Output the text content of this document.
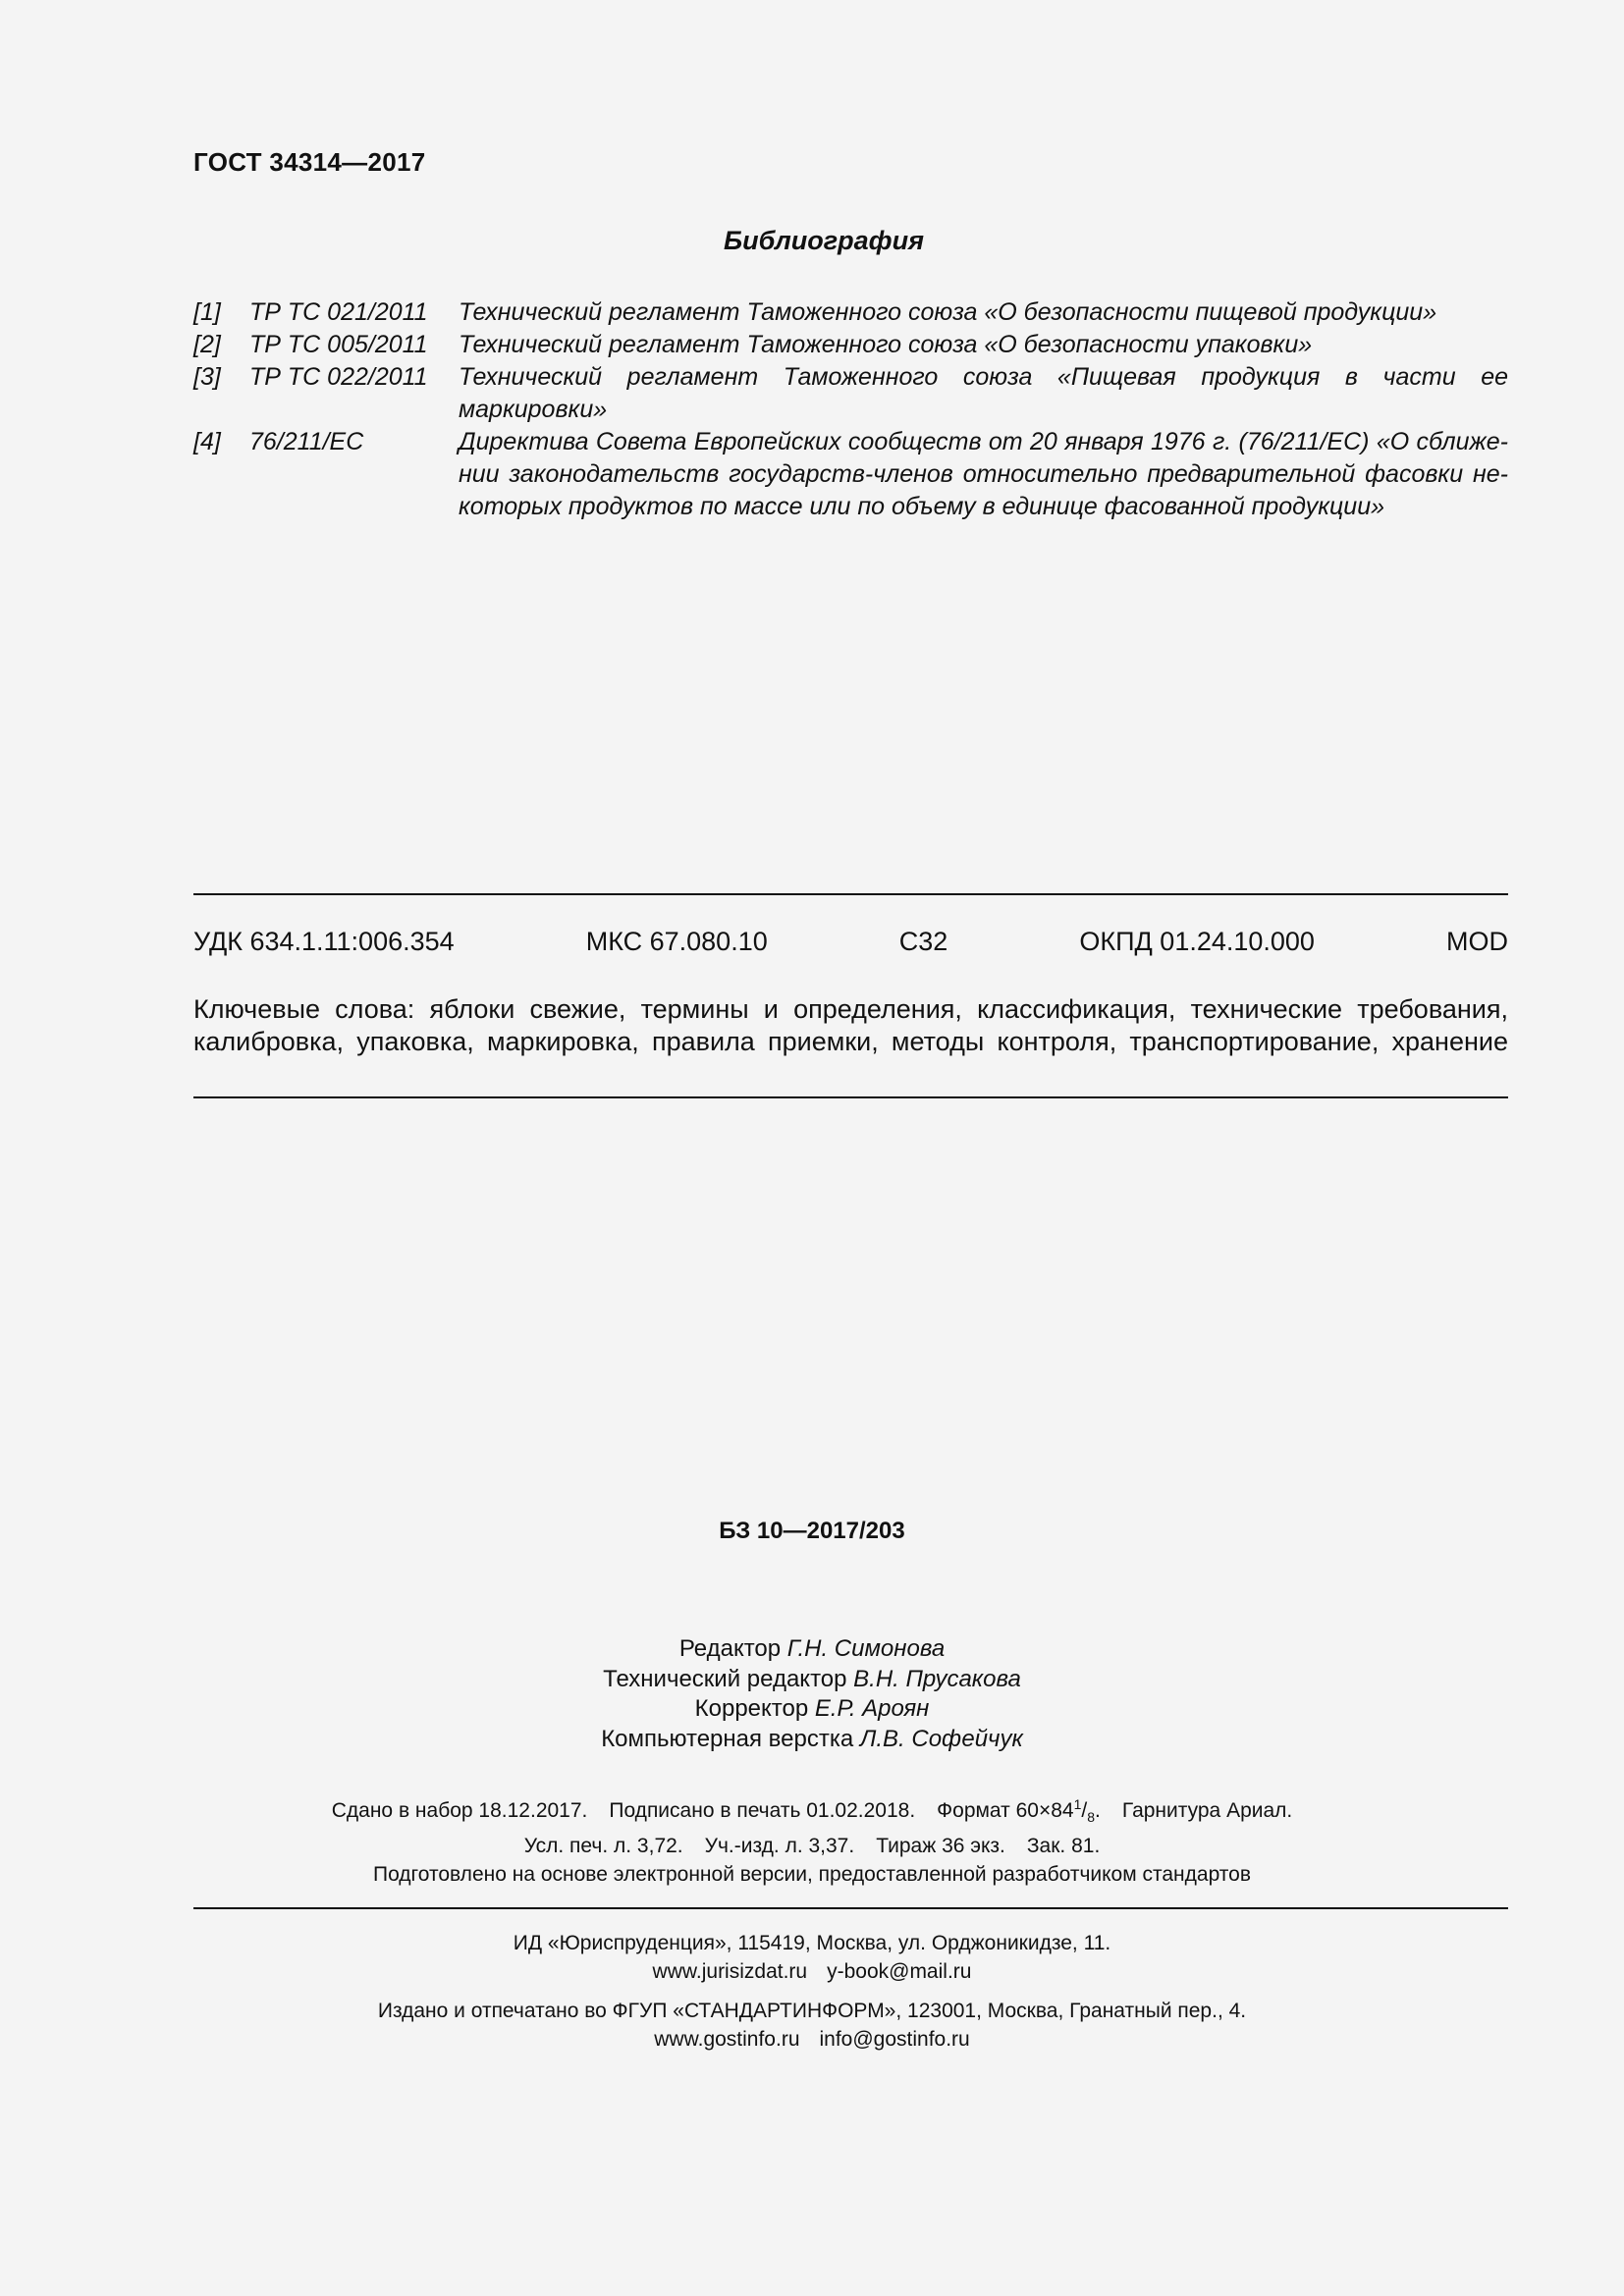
ГОСТ 34314—2017
Библиография
[1]	ТР ТС 021/2011	Технический регламент Таможенного союза «О безопасности пищевой продукции»
[2]	ТР ТС 005/2011	Технический регламент Таможенного союза «О безопасности упаковки»
[3]	ТР ТС 022/2011	Технический регламент Таможенного союза «Пищевая продукция в части ее маркировки»
[4]	76/211/ЕС	Директива Совета Европейских сообществ от 20 января 1976 г. (76/211/ЕС) «О сближе-нии законодательств государств-членов относительно предварительной фасовки не-которых продуктов по массе или по объему в единице фасованной продукции»
УДК 634.1.11:006.354	МКС 67.080.10	С32	ОКПД 01.24.10.000	MOD
Ключевые слова: яблоки свежие, термины и определения, классификация, технические требования, калибровка, упаковка, маркировка, правила приемки, методы контроля, транспортирование, хранение
БЗ 10—2017/203
Редактор Г.Н. Симонова
Технический редактор В.Н. Прусакова
Корректор Е.Р. Ароян
Компьютерная верстка Л.В. Софейчук
Сдано в набор 18.12.2017. Подписано в печать 01.02.2018. Формат $60\times 84^1/_8$. Гарнитура Ариал.
Усл. печ. л. 3,72. Уч.-изд. л. 3,37. Тираж 36 экз. Зак. 81.
Подготовлено на основе электронной версии, предоставленной разработчиком стандартов
ИД «Юриспруденция», 115419, Москва, ул. Орджоникидзе, 11.
www.jurisizdat.ru y-book@mail.ru
Издано и отпечатано во ФГУП «СТАНДАРТИНФОРМ», 123001, Москва, Гранатный пер., 4.
www.gostinfo.ru info@gostinfo.ru
